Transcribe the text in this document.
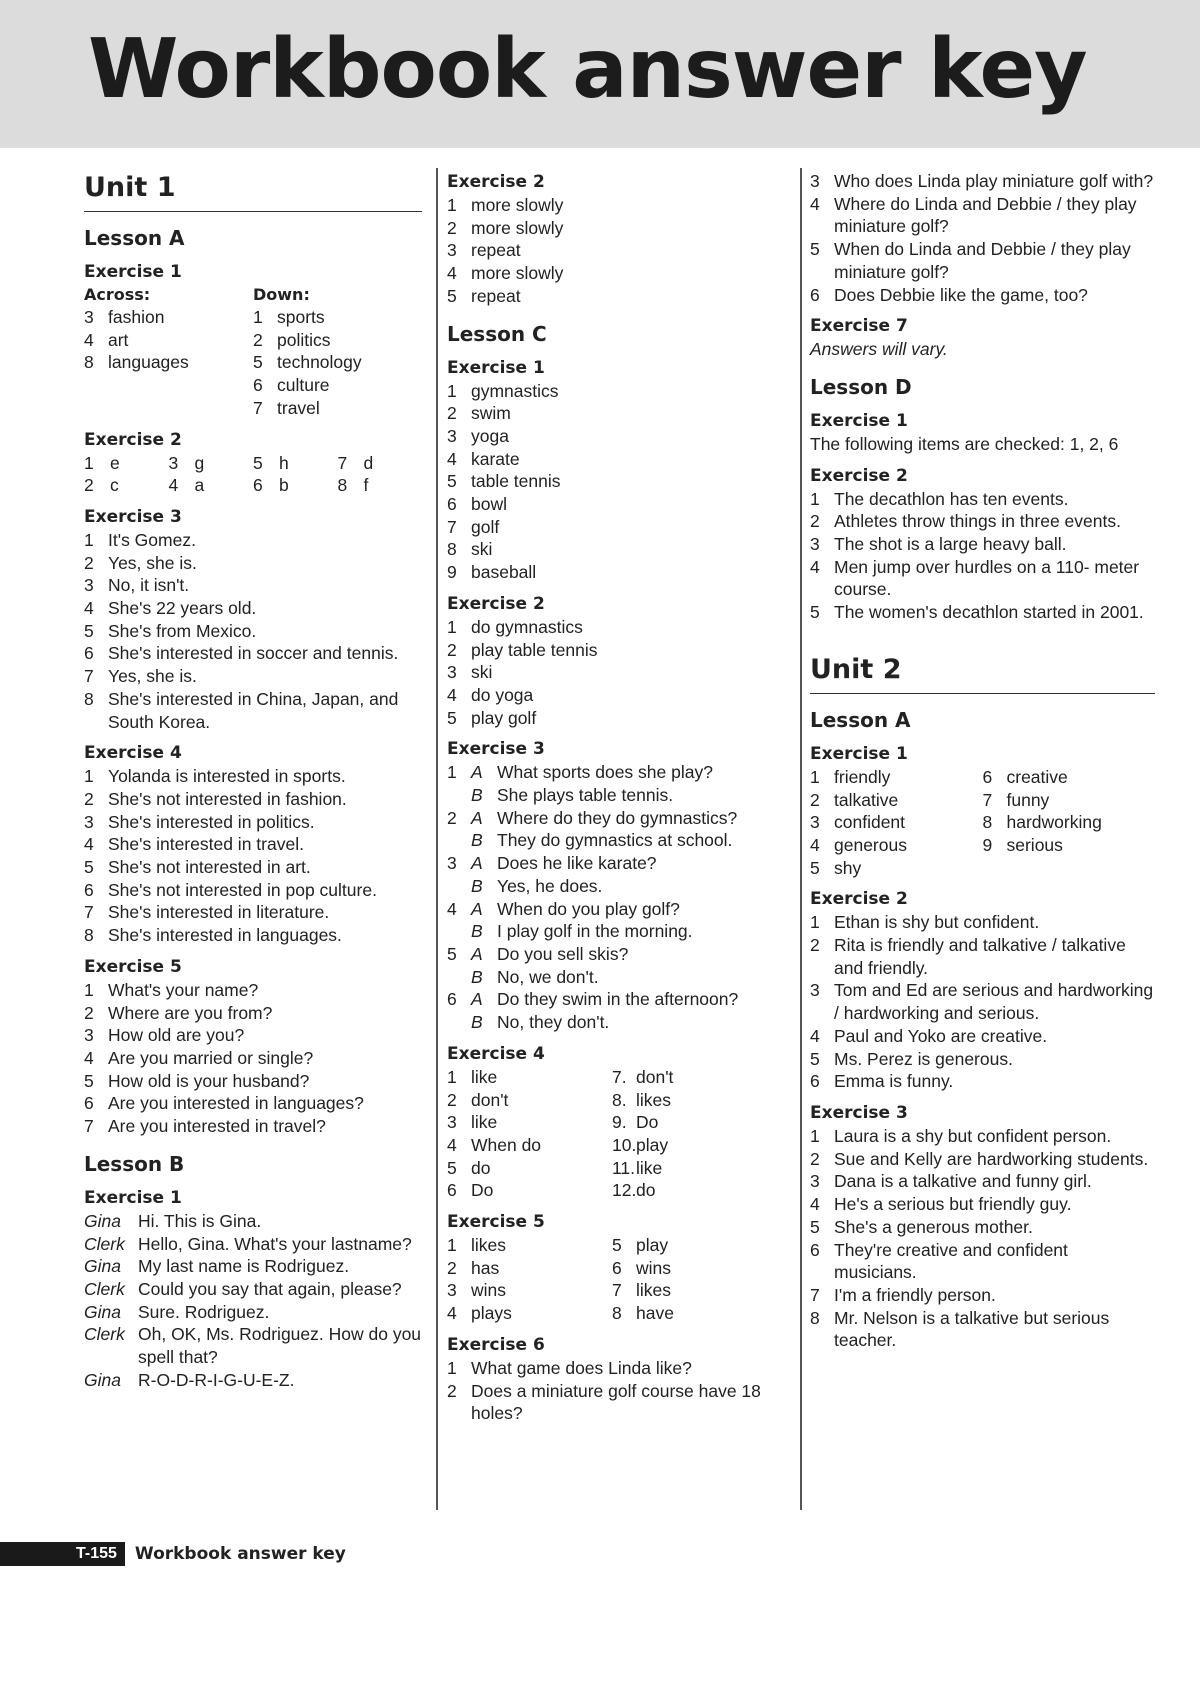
Workbook answer key
Unit 1
Lesson A
Exercise 1
Across:
3 fashion
4 art
8 languages
Down:
1 sports
2 politics
5 technology
6 culture
7 travel
Exercise 2
1 e	3 g	5 h	7 d
2 c	4 a	6 b	8 f
Exercise 3
1 It's Gomez.
2 Yes, she is.
3 No, it isn't.
4 She's 22 years old.
5 She's from Mexico.
6 She's interested in soccer and tennis.
7 Yes, she is.
8 She's interested in China, Japan, and South Korea.
Exercise 4
1 Yolanda is interested in sports.
2 She's not interested in fashion.
3 She's interested in politics.
4 She's interested in travel.
5 She's not interested in art.
6 She's not interested in pop culture.
7 She's interested in literature.
8 She's interested in languages.
Exercise 5
1 What's your name?
2 Where are you from?
3 How old are you?
4 Are you married or single?
5 How old is your husband?
6 Are you interested in languages?
7 Are you interested in travel?
Lesson B
Exercise 1
Gina Hi. This is Gina.
Clerk Hello, Gina. What's your lastname?
Gina My last name is Rodriguez.
Clerk Could you say that again, please?
Gina Sure. Rodriguez.
Clerk Oh, OK, Ms. Rodriguez. How do you spell that?
Gina R-O-D-R-I-G-U-E-Z.
Exercise 2
1 more slowly
2 more slowly
3 repeat
4 more slowly
5 repeat
Lesson C
Exercise 1
1 gymnastics
2 swim
3 yoga
4 karate
5 table tennis
6 bowl
7 golf
8 ski
9 baseball
Exercise 2
1 do gymnastics
2 play table tennis
3 ski
4 do yoga
5 play golf
Exercise 3
1 A What sports does she play?
B She plays table tennis.
2 A Where do they do gymnastics?
B They do gymnastics at school.
3 A Does he like karate?
B Yes, he does.
4 A When do you play golf?
B I play golf in the morning.
5 A Do you sell skis?
B No, we don't.
6 A Do they swim in the afternoon?
B No, they don't.
Exercise 4
1 like
2 don't
3 like
4 When do
5 do
6 Do
7. don't
8. likes
9. Do
10. play
11. like
12. do
Exercise 5
1 likes
2 has
3 wins
4 plays
5 play
6 wins
7 likes
8 have
Exercise 6
1 What game does Linda like?
2 Does a miniature golf course have 18 holes?
3 Who does Linda play miniature golf with?
4 Where do Linda and Debbie / they play miniature golf?
5 When do Linda and Debbie / they play miniature golf?
6 Does Debbie like the game, too?
Exercise 7
Answers will vary.
Lesson D
Exercise 1
The following items are checked: 1, 2, 6
Exercise 2
1 The decathlon has ten events.
2 Athletes throw things in three events.
3 The shot is a large heavy ball.
4 Men jump over hurdles on a 110- meter course.
5 The women's decathlon started in 2001.
Unit 2
Lesson A
Exercise 1
1 friendly
2 talkative
3 confident
4 generous
5 shy
6 creative
7 funny
8 hardworking
9 serious
Exercise 2
1 Ethan is shy but confident.
2 Rita is friendly and talkative / talkative and friendly.
3 Tom and Ed are serious and hardworking / hardworking and serious.
4 Paul and Yoko are creative.
5 Ms. Perez is generous.
6 Emma is funny.
Exercise 3
1 Laura is a shy but confident person.
2 Sue and Kelly are hardworking students.
3 Dana is a talkative and funny girl.
4 He's a serious but friendly guy.
5 She's a generous mother.
6 They're creative and confident musicians.
7 I'm a friendly person.
8 Mr. Nelson is a talkative but serious teacher.
T-155	Workbook answer key
